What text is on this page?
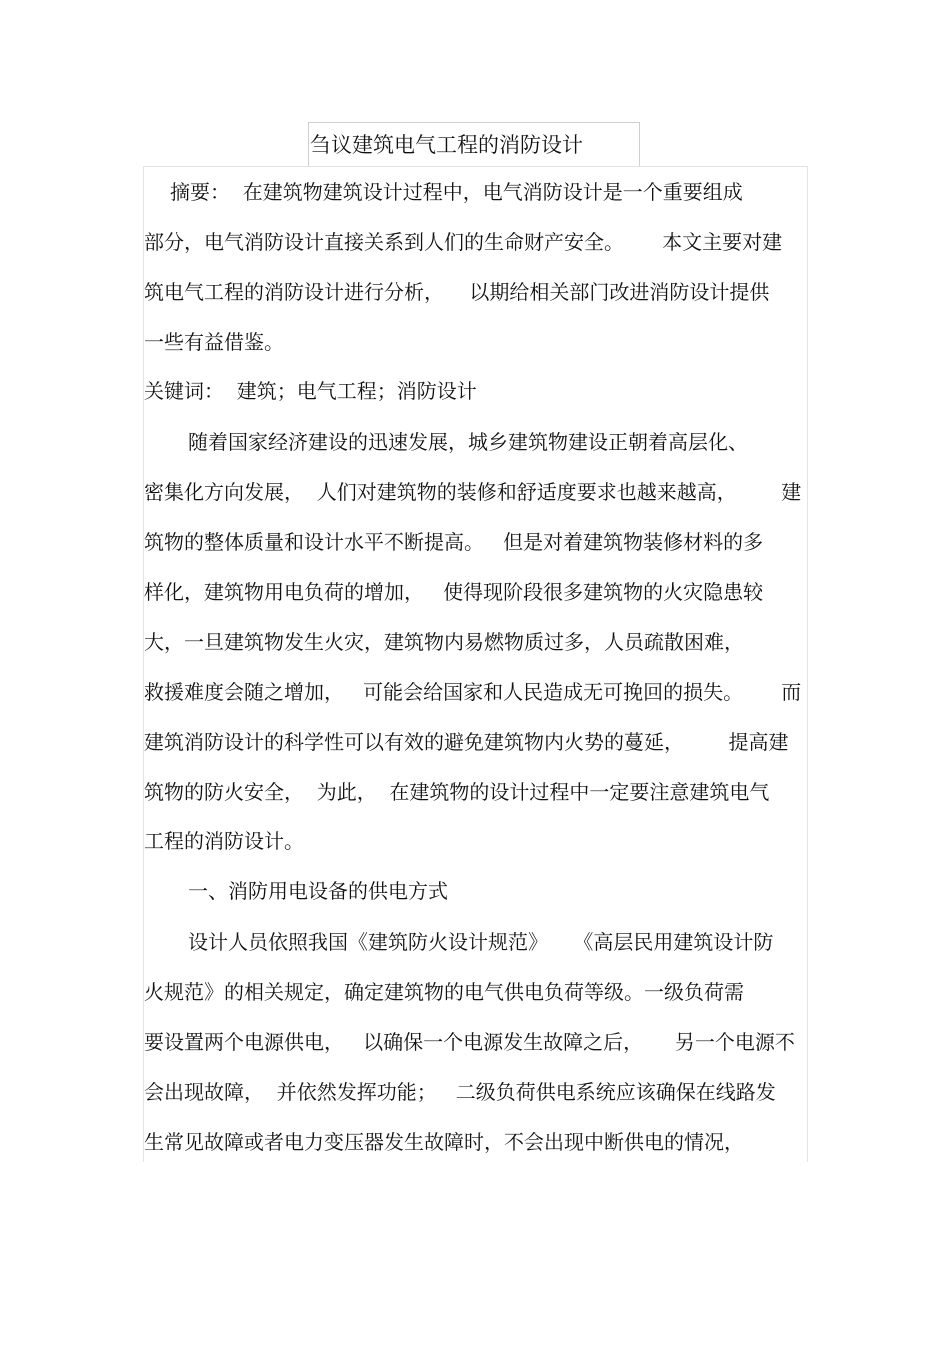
刍议建筑电气工程的消防设计
摘要：  在建筑物建筑设计过程中，电气消防设计是一个重要组成
部分，电气消防设计直接关系到人们的生命财产安全。      本文主要对建
筑电气工程的消防设计进行分析，    以期给相关部门改进消防设计提供
一些有益借鉴。
关键词：  建筑；电气工程；消防设计
随着国家经济建设的迅速发展，城乡建筑物建设正朝着高层化、
密集化方向发展，  人们对建筑物的装修和舒适度要求也越来越高，       建
筑物的整体质量和设计水平不断提高。   但是对着建筑物装修材料的多
样化，建筑物用电负荷的增加，   使得现阶段很多建筑物的火灾隐患较
大，一旦建筑物发生火灾，建筑物内易燃物质过多，人员疏散困难，
救援难度会随之增加，   可能会给国家和人民造成无可挽回的损失。      而
建筑消防设计的科学性可以有效的避免建筑物内火势的蔓延，       提高建
筑物的防火安全，  为此，  在建筑物的设计过程中一定要注意建筑电气
工程的消防设计。
一、消防用电设备的供电方式
设计人员依照我国《建筑防火设计规范》    《高层民用建筑设计防
火规范》的相关规定，确定建筑物的电气供电负荷等级。一级负荷需
要设置两个电源供电，   以确保一个电源发生故障之后，     另一个电源不
会出现故障，  并依然发挥功能；   二级负荷供电系统应该确保在线路发
生常见故障或者电力变压器发生故障时，不会出现中断供电的情况，
